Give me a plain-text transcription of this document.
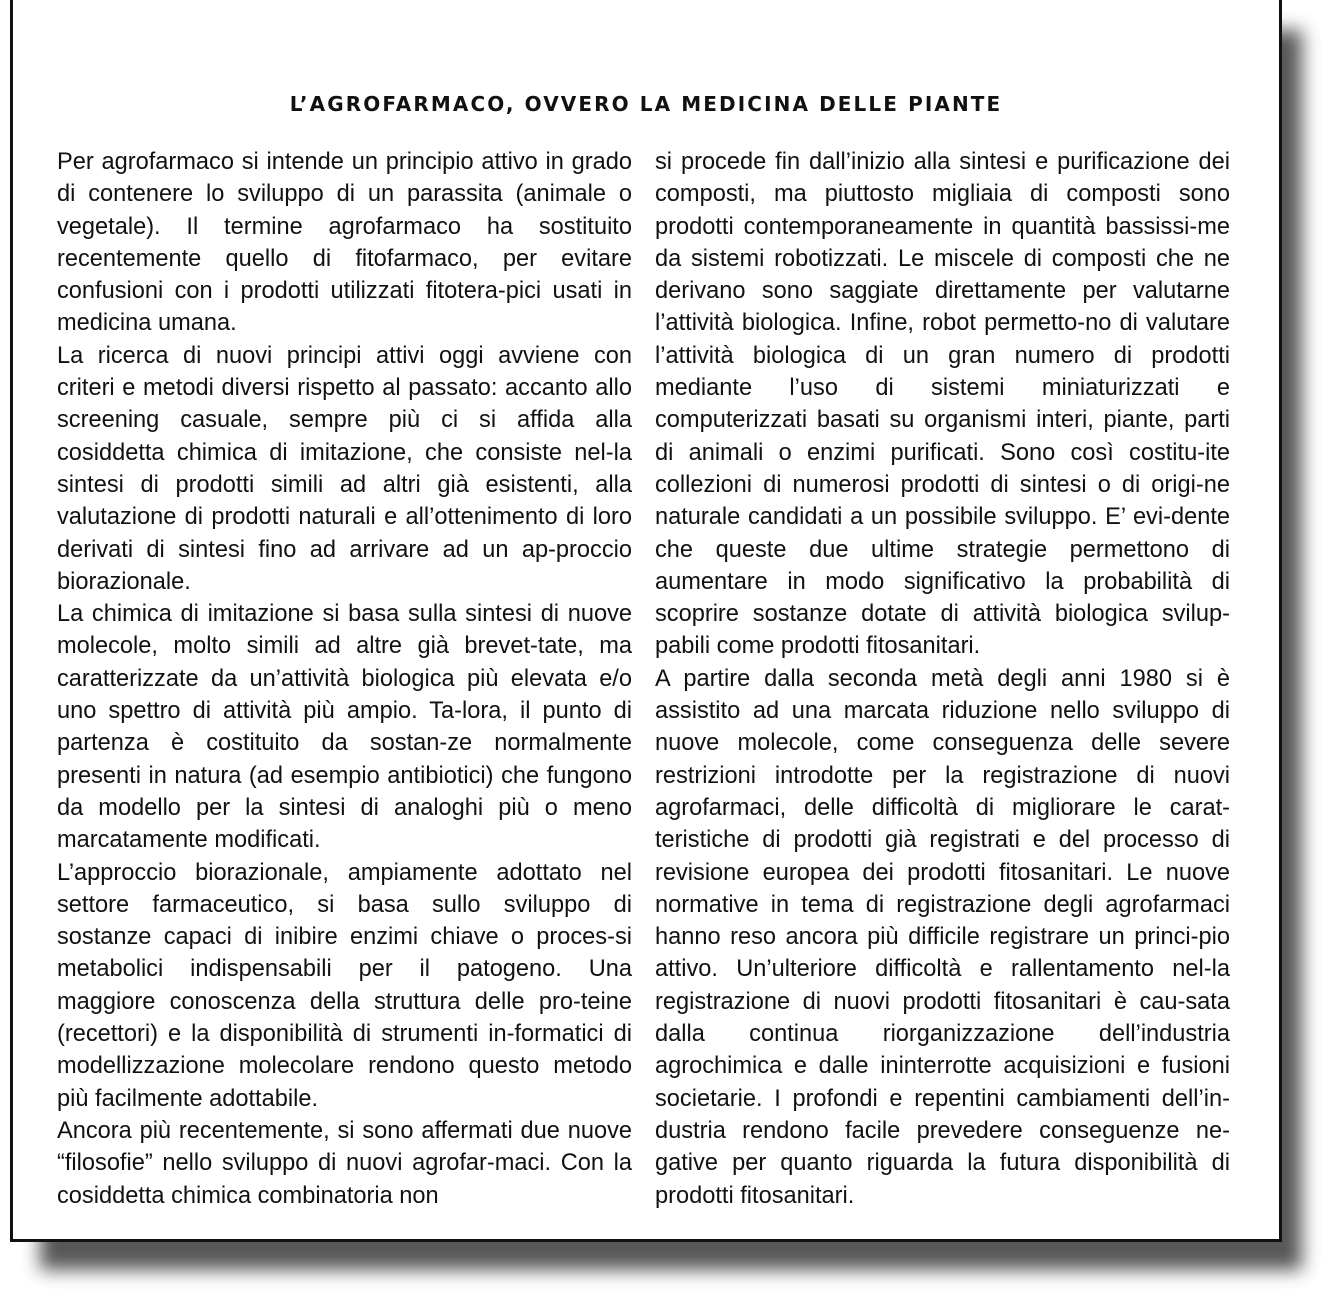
L’AGROFARMACO, OVVERO LA MEDICINA DELLE PIANTE

Per agrofarmaco si intende un principio attivo in grado di contenere lo sviluppo di un parassita (animale o vegetale). Il termine agrofarmaco ha sostituito recentemente quello di fitofarmaco, per evitare confusioni con i prodotti utilizzati fitotera-pici usati in medicina umana.

La ricerca di nuovi principi attivi oggi avviene con criteri e metodi diversi rispetto al passato: accanto allo screening casuale, sempre più ci si affida alla cosiddetta chimica di imitazione, che consiste nel-la sintesi di prodotti simili ad altri già esistenti, alla valutazione di prodotti naturali e all’ottenimento di loro derivati di sintesi fino ad arrivare ad un ap-proccio biorazionale.

La chimica di imitazione si basa sulla sintesi di nuove molecole, molto simili ad altre già brevet-tate, ma caratterizzate da un’attività biologica più elevata e/o uno spettro di attività più ampio. Ta-lora, il punto di partenza è costituito da sostan-ze normalmente presenti in natura (ad esempio antibiotici) che fungono da modello per la sintesi di analoghi più o meno marcatamente modificati.

L’approccio biorazionale, ampiamente adottato nel settore farmaceutico, si basa sullo sviluppo di sostanze capaci di inibire enzimi chiave o proces-si metabolici indispensabili per il patogeno. Una maggiore conoscenza della struttura delle pro-teine (recettori) e la disponibilità di strumenti in-formatici di modellizzazione molecolare rendono questo metodo più facilmente adottabile.

Ancora più recentemente, si sono affermati due nuove “filosofie” nello sviluppo di nuovi agrofar-maci. Con la cosiddetta chimica combinatoria non

si procede fin dall’inizio alla sintesi e purificazione dei composti, ma piuttosto migliaia di composti sono prodotti contemporaneamente in quantità bassissi-me da sistemi robotizzati. Le miscele di composti che ne derivano sono saggiate direttamente per valutarne l’attività biologica. Infine, robot permetto-no di valutare l’attività biologica di un gran numero di prodotti mediante l’uso di sistemi miniaturizzati e computerizzati basati su organismi interi, piante, parti di animali o enzimi purificati. Sono così costitu-ite collezioni di numerosi prodotti di sintesi o di origi-ne naturale candidati a un possibile sviluppo. E’ evi-dente che queste due ultime strategie permettono di aumentare in modo significativo la probabilità di scoprire sostanze dotate di attività biologica svilup-pabili come prodotti fitosanitari.

A partire dalla seconda metà degli anni 1980 si è assistito ad una marcata riduzione nello sviluppo di nuove molecole, come conseguenza delle severe restrizioni introdotte per la registrazione di nuovi agrofarmaci, delle difficoltà di migliorare le carat-teristiche di prodotti già registrati e del processo di revisione europea dei prodotti fitosanitari. Le nuove normative in tema di registrazione degli agrofarmaci hanno reso ancora più difficile registrare un princi-pio attivo. Un’ulteriore difficoltà e rallentamento nel-la registrazione di nuovi prodotti fitosanitari è cau-sata dalla continua riorganizzazione dell’industria agrochimica e dalle ininterrotte acquisizioni e fusioni societarie. I profondi e repentini cambiamenti dell’in-dustria rendono facile prevedere conseguenze ne-gative per quanto riguarda la futura disponibilità di prodotti fitosanitari.
